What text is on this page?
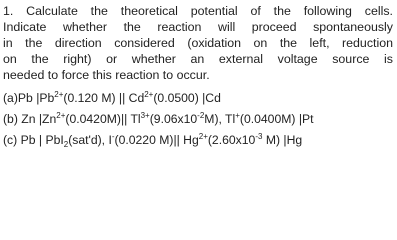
1. Calculate the theoretical potential of the following cells.
Indicate whether the reaction will proceed spontaneously
in the direction considered (oxidation on the left, reduction
on the right) or whether an external voltage source is
needed to force this reaction to occur.
(a)Pb $|Pb^{2+}(0.120$ M) || $Cd^{2+}(0.0500)$ |Cd
(b) Zn $|Zn^{2+}(0.0420M)||$ $Tl^{3+}(9.06x10^{-2}M)$, Tl+(0.0400M) |Pt
(c) Pb | PbI$_2$(sat'd), I-(0.0220 M)|| $Hg^{2+}(2.60x10^{-3}$ M) |Hg
